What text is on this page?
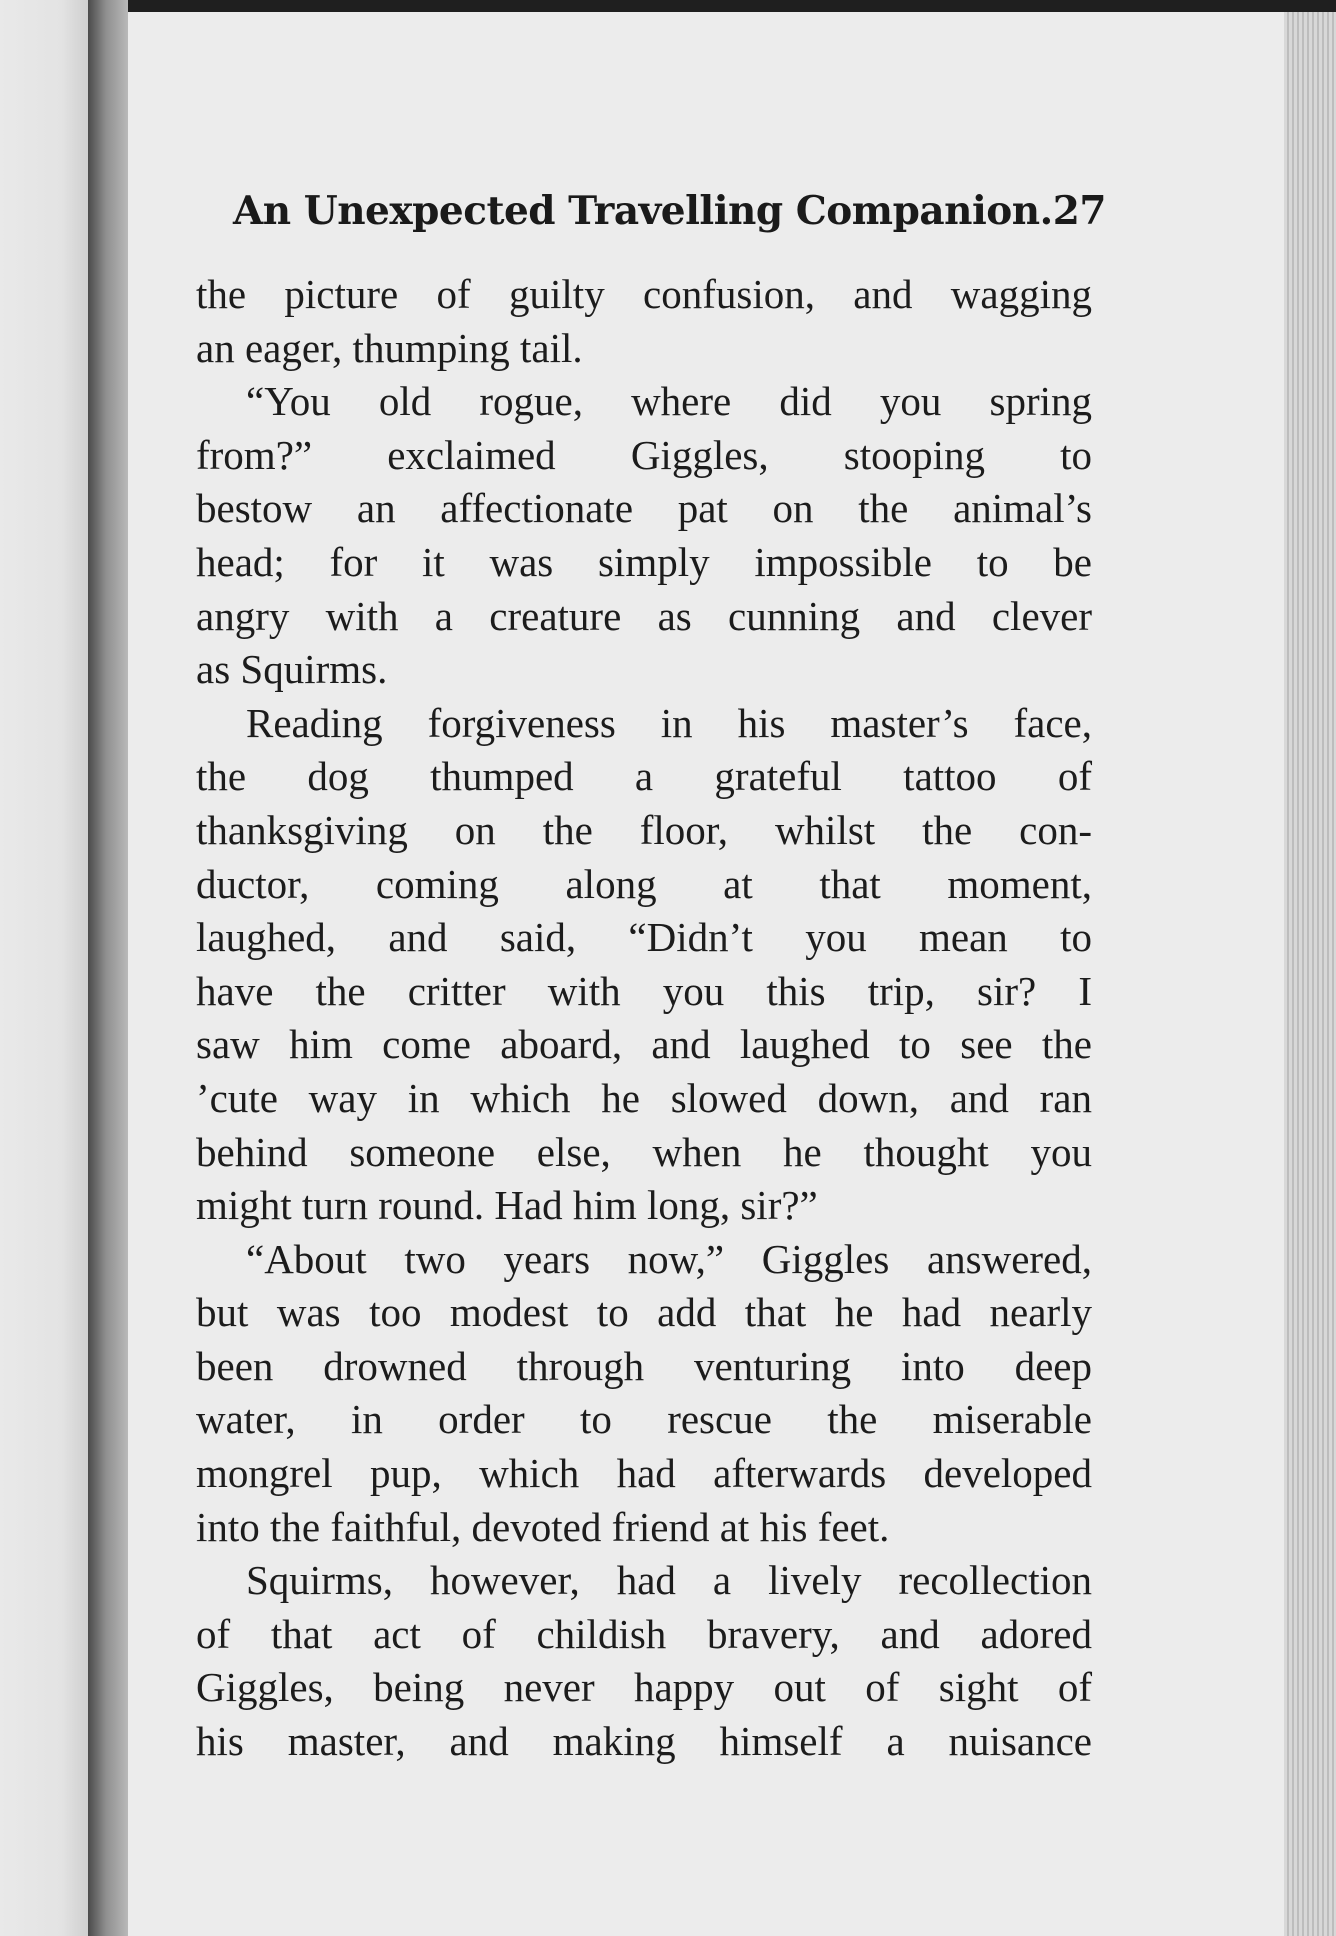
An Unexpected Travelling Companion. 27
the picture of guilty confusion, and wagging
an eager, thumping tail.
“You old rogue, where did you spring
from?” exclaimed Giggles, stooping to
bestow an affectionate pat on the animal’s
head; for it was simply impossible to be
angry with a creature as cunning and clever
as Squirms.
Reading forgiveness in his master’s face,
the dog thumped a grateful tattoo of
thanksgiving on the floor, whilst the con-
ductor, coming along at that moment,
laughed, and said, “Didn’t you mean to
have the critter with you this trip, sir? I
saw him come aboard, and laughed to see the
’cute way in which he slowed down, and ran
behind someone else, when he thought you
might turn round. Had him long, sir?”
“About two years now,” Giggles answered,
but was too modest to add that he had nearly
been drowned through venturing into deep
water, in order to rescue the miserable
mongrel pup, which had afterwards developed
into the faithful, devoted friend at his feet.
Squirms, however, had a lively recollection
of that act of childish bravery, and adored
Giggles, being never happy out of sight of
his master, and making himself a nuisance
